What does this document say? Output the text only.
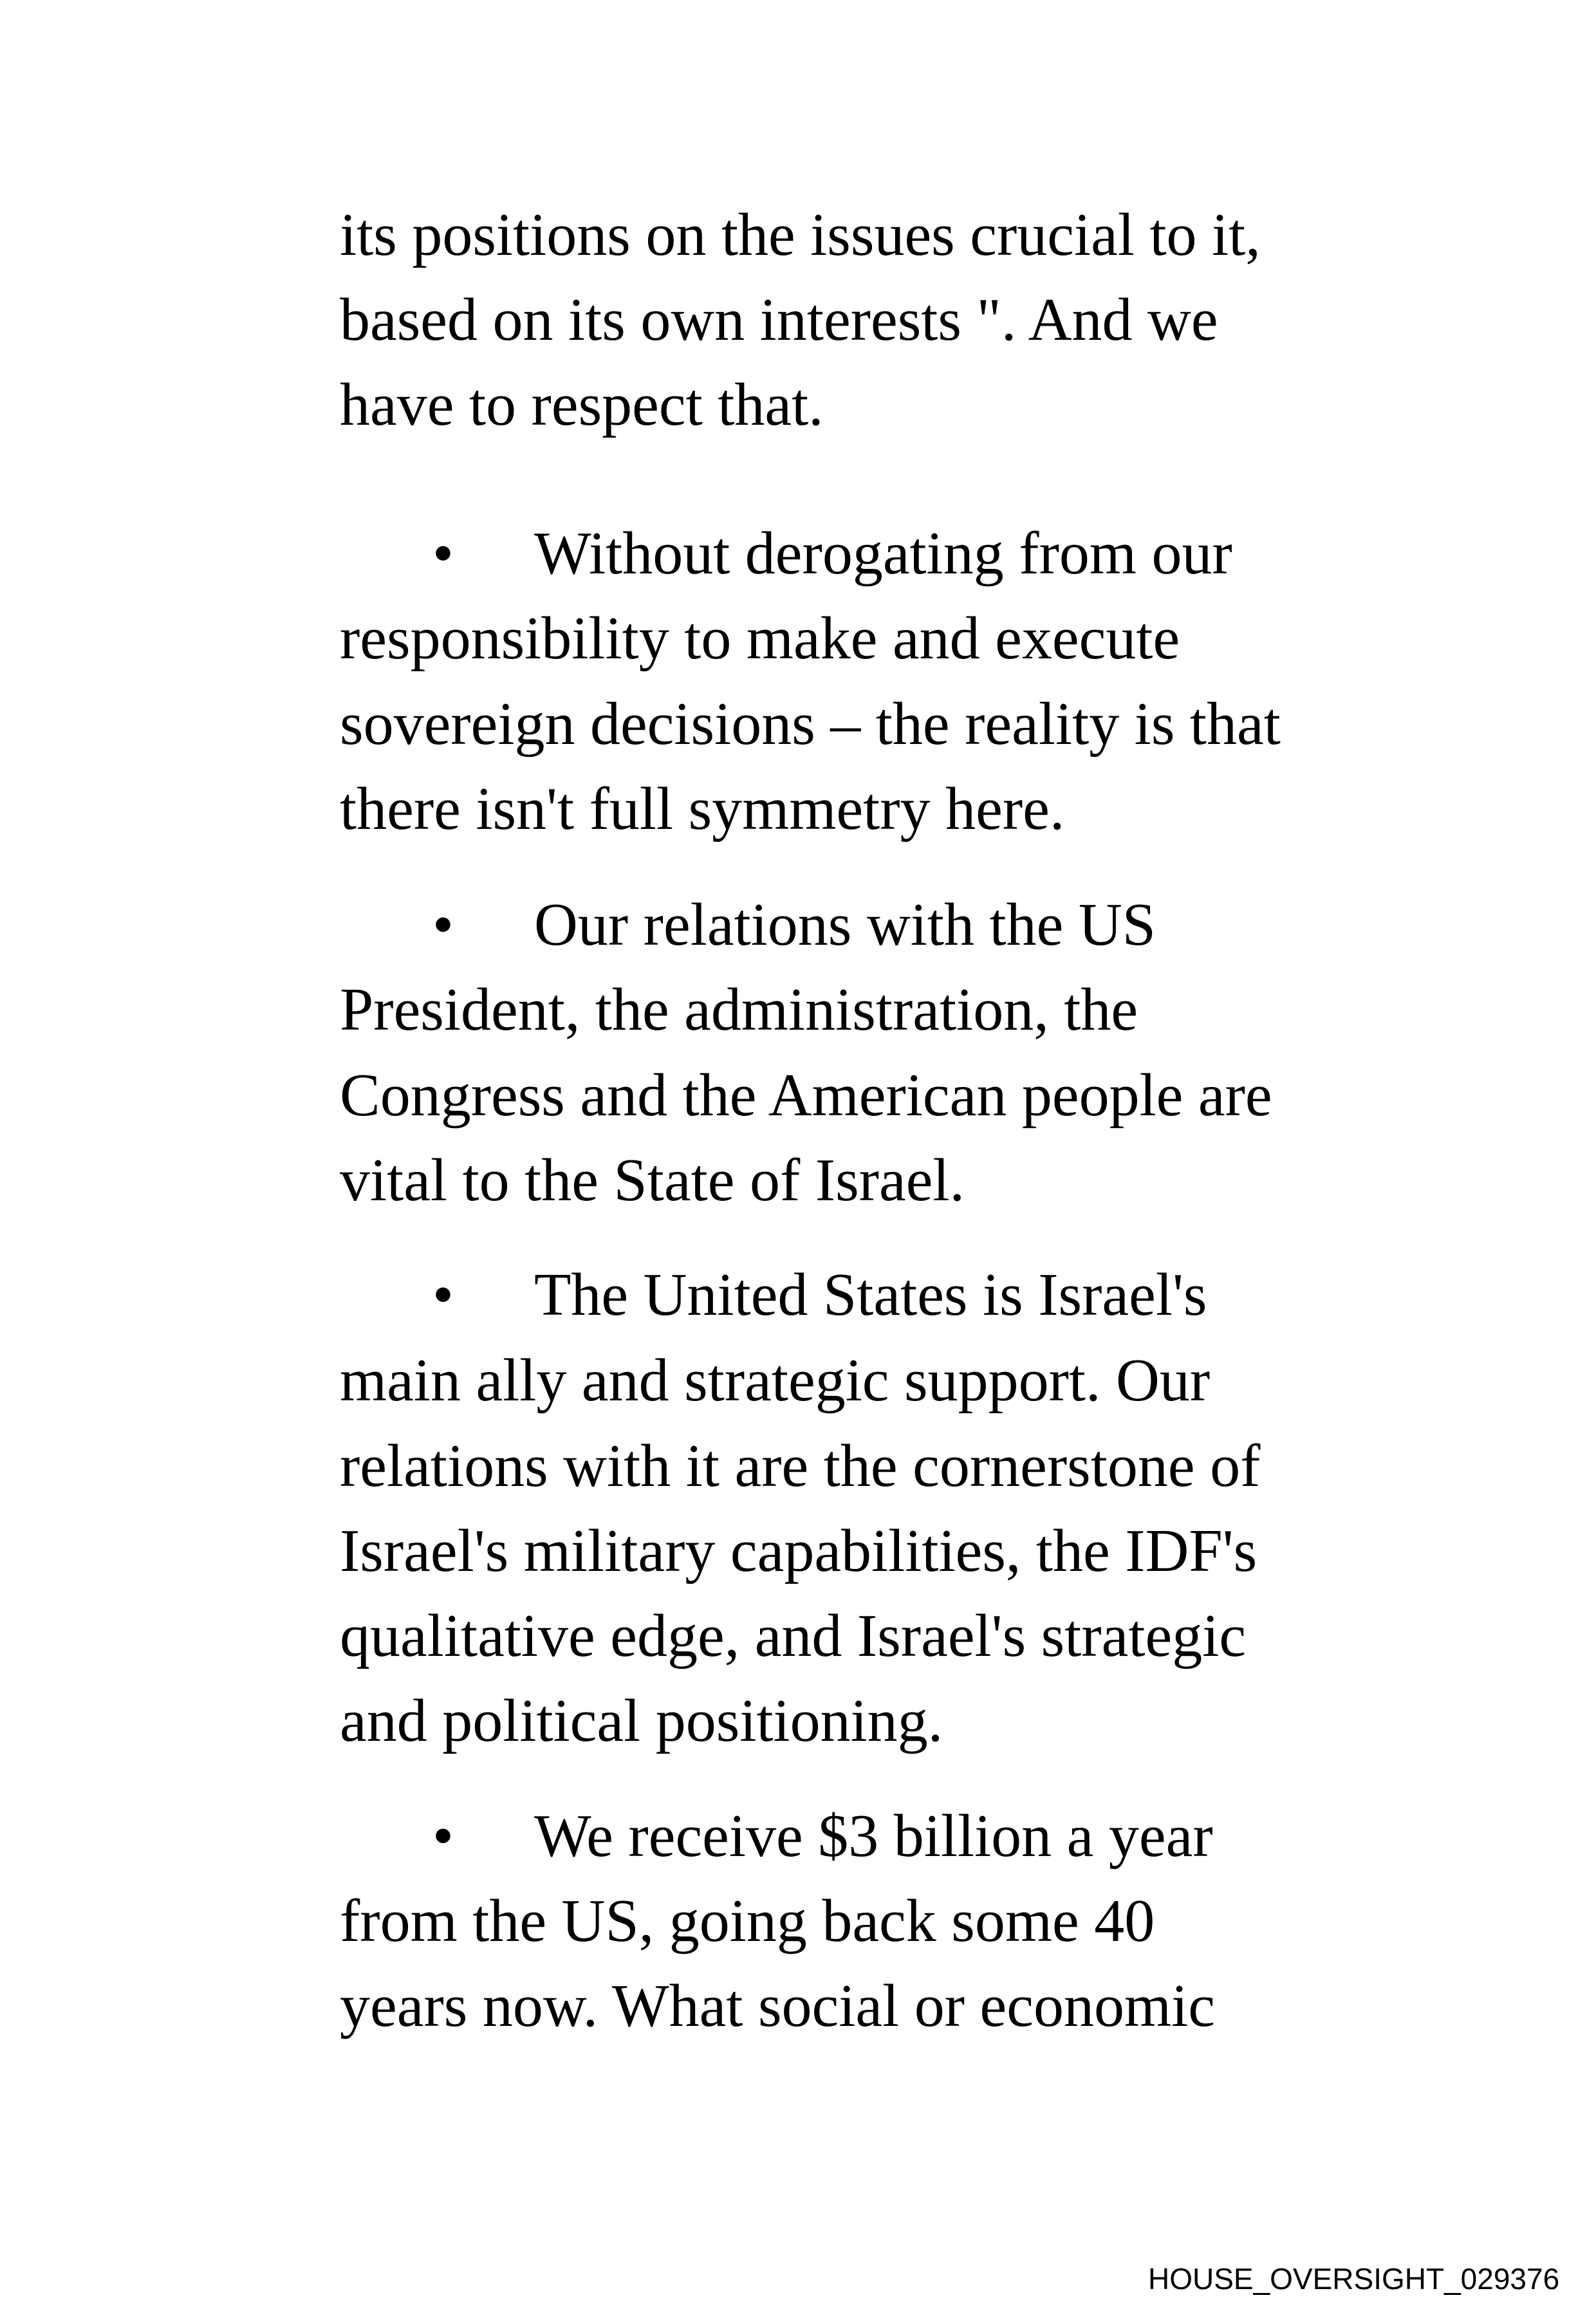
its positions on the issues crucial to it,
based on its own interests ". And we
have to respect that.
• Without derogating from our
responsibility to make and execute
sovereign decisions – the reality is that
there isn't full symmetry here.
• Our relations with the US
President, the administration, the
Congress and the American people are
vital to the State of Israel.
• The United States is Israel's
main ally and strategic support. Our
relations with it are the cornerstone of
Israel's military capabilities, the IDF's
qualitative edge, and Israel's strategic
and political positioning.
• We receive $3 billion a year
from the US, going back some 40
years now. What social or economic
HOUSE_OVERSIGHT_029376
